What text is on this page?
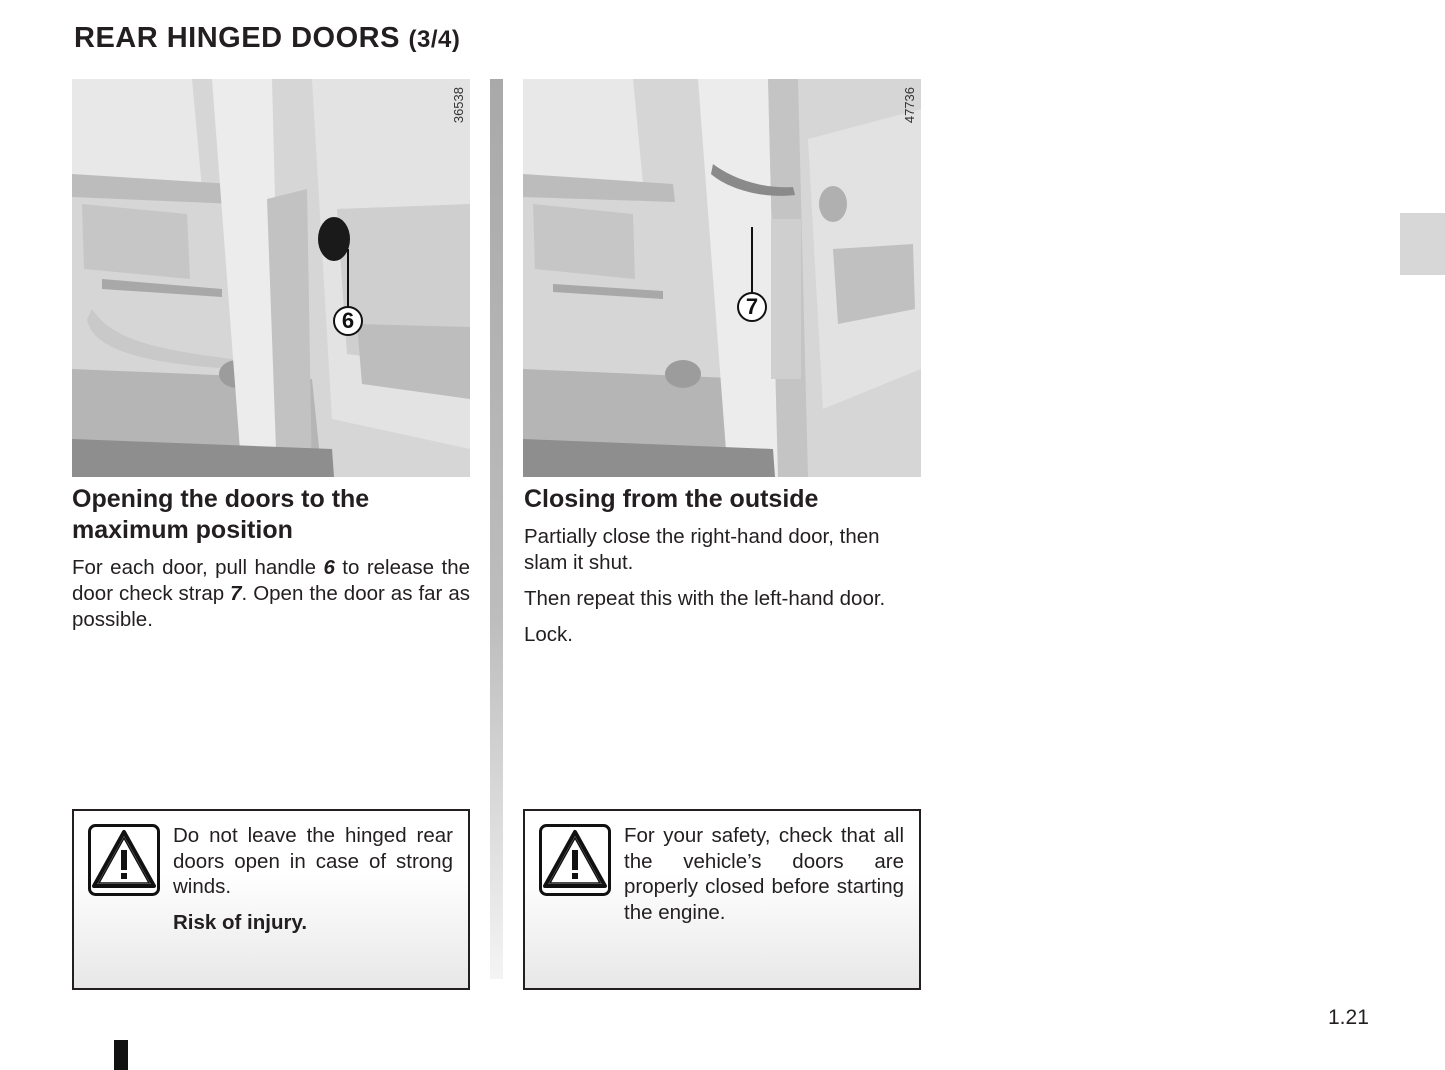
REAR HINGED DOORS (3/4)
36538
6
47736
7
Opening the doors to the maximum position

For each door, pull handle 6 to release the door check strap 7. Open the door as far as possible.

Closing from the outside

Partially close the right-hand door, then slam it shut.

Then repeat this with the left-hand door.

Lock.

Do not leave the hinged rear doors open in case of strong winds.

Risk of injury.

For your safety, check that all the vehicle’s doors are properly closed before starting the engine.

1.21
